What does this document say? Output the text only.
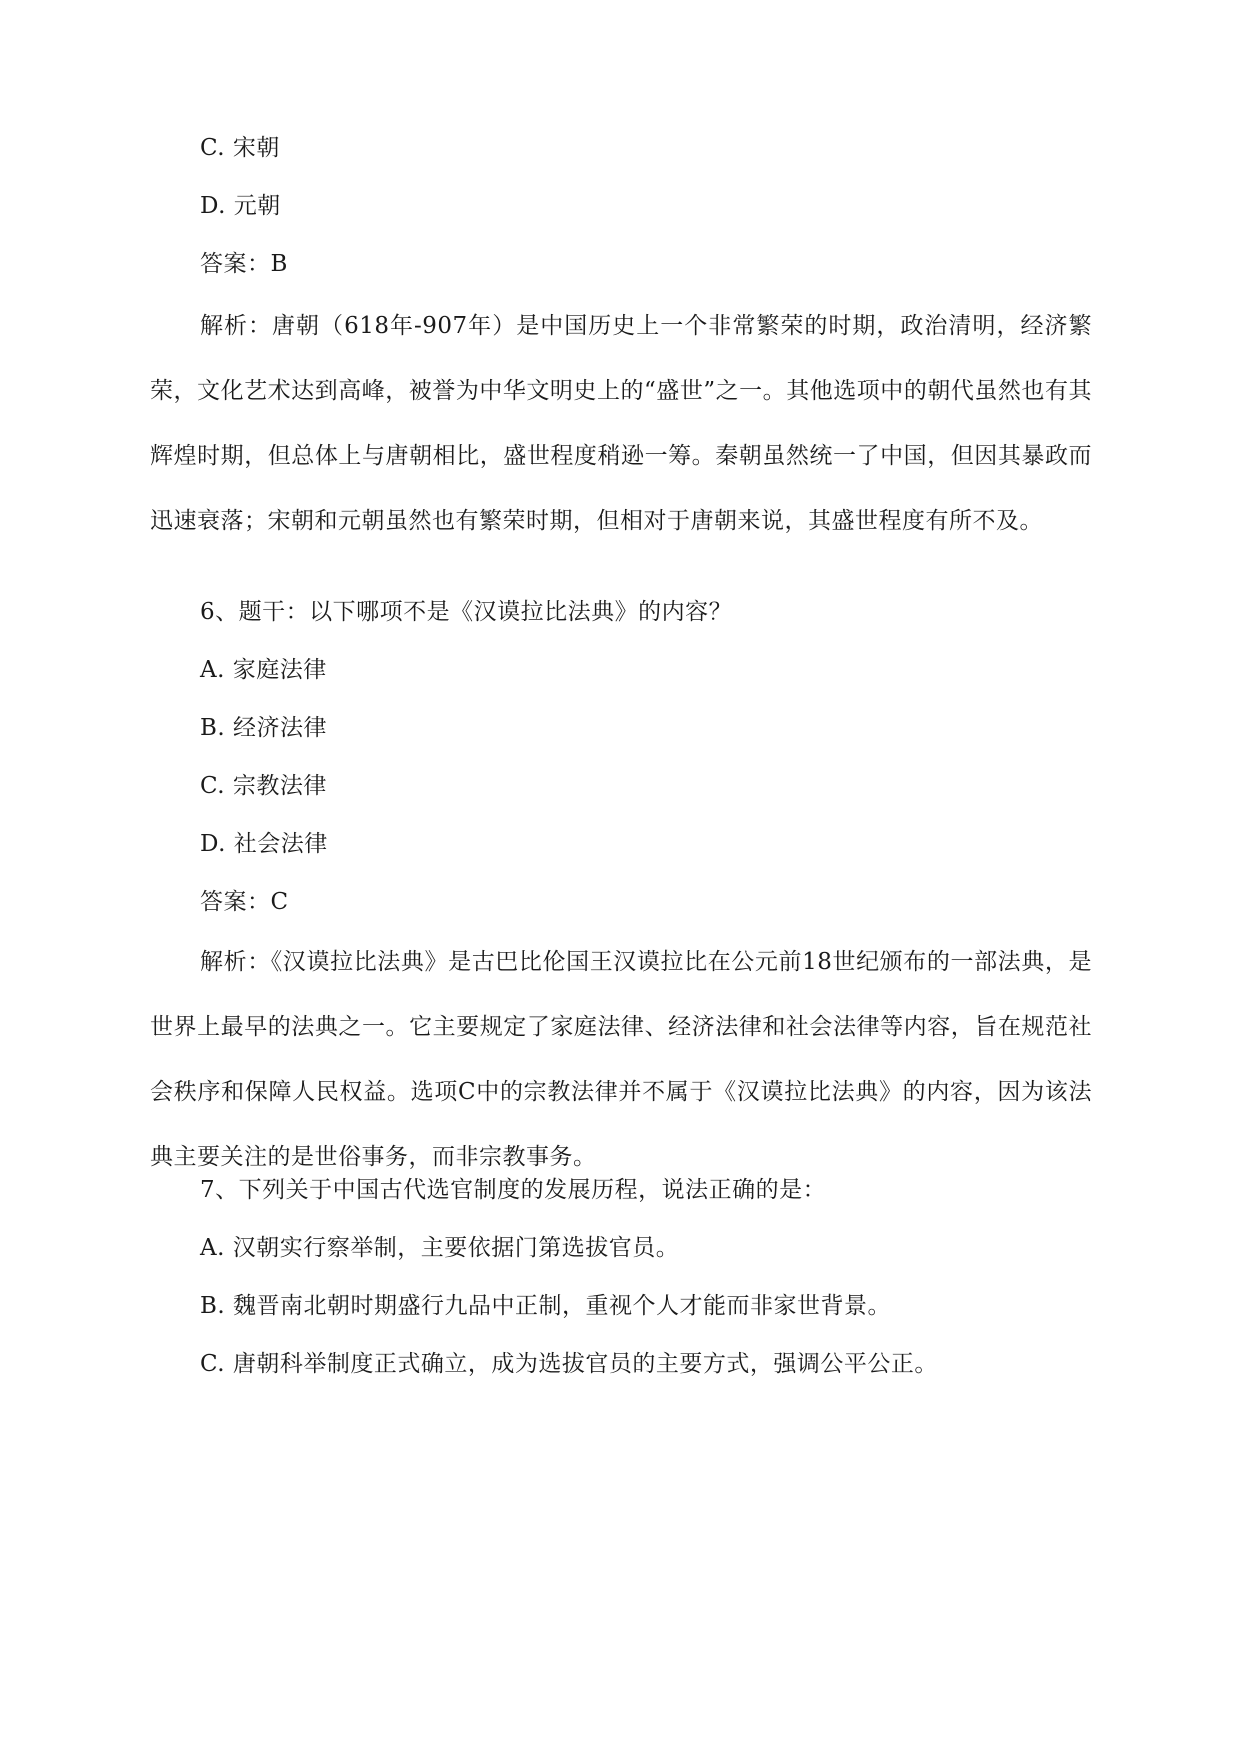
C. 宋朝
D. 元朝
答案：B
解析：唐朝（618年-907年）是中国历史上一个非常繁荣的时期，政治清明，经济繁荣，文化艺术达到高峰，被誉为中华文明史上的“盛世”之一。其他选项中的朝代虽然也有其辉煌时期，但总体上与唐朝相比，盛世程度稍逊一筹。秦朝虽然统一了中国，但因其暴政而迅速衰落；宋朝和元朝虽然也有繁荣时期，但相对于唐朝来说，其盛世程度有所不及。
6、题干：以下哪项不是《汉谟拉比法典》的内容？
A. 家庭法律
B. 经济法律
C. 宗教法律
D. 社会法律
答案：C
解析：《汉谟拉比法典》是古巴比伦国王汉谟拉比在公元前18世纪颁布的一部法典，是世界上最早的法典之一。它主要规定了家庭法律、经济法律和社会法律等内容，旨在规范社会秩序和保障人民权益。选项C中的宗教法律并不属于《汉谟拉比法典》的内容，因为该法典主要关注的是世俗事务，而非宗教事务。
7、下列关于中国古代选官制度的发展历程，说法正确的是：
A. 汉朝实行察举制，主要依据门第选拔官员。
B. 魏晋南北朝时期盛行九品中正制，重视个人才能而非家世背景。
C. 唐朝科举制度正式确立，成为选拔官员的主要方式，强调公平公正。
